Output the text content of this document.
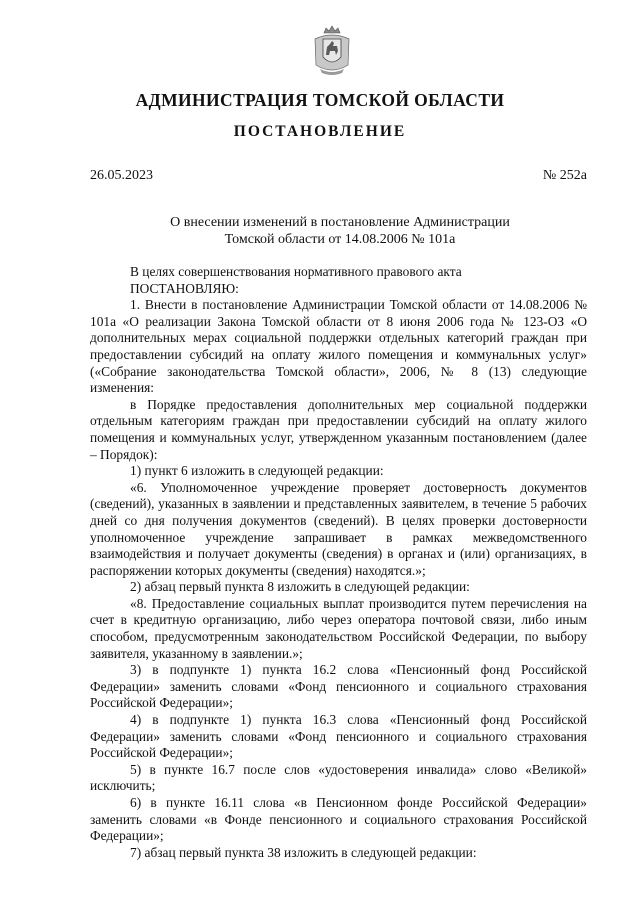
АДМИНИСТРАЦИЯ ТОМСКОЙ ОБЛАСТИ
ПОСТАНОВЛЕНИЕ
26.05.2023	№ 252а
О внесении изменений в постановление Администрации
Томской области от 14.08.2006 № 101а

В целях совершенствования нормативного правового акта

ПОСТАНОВЛЯЮ:

1. Внести в постановление Администрации Томской области от 14.08.2006 № 101а «О реализации Закона Томской области от 8 июня 2006 года № 123-ОЗ «О дополнительных мерах социальной поддержки отдельных категорий граждан при предоставлении субсидий на оплату жилого помещения и коммунальных услуг» («Собрание законодательства Томской области», 2006, № 8 (13) следующие изменения:

в Порядке предоставления дополнительных мер социальной поддержки отдельным категориям граждан при предоставлении субсидий на оплату жилого помещения и коммунальных услуг, утвержденном указанным постановлением (далее – Порядок):

1) пункт 6 изложить в следующей редакции:

«6. Уполномоченное учреждение проверяет достоверность документов (сведений), указанных в заявлении и представленных заявителем, в течение 5 рабочих дней со дня получения документов (сведений). В целях проверки достоверности уполномоченное учреждение запрашивает в рамках межведомственного взаимодействия и получает документы (сведения) в органах и (или) организациях, в распоряжении которых документы (сведения) находятся.»;

2) абзац первый пункта 8 изложить в следующей редакции:

«8. Предоставление социальных выплат производится путем перечисления на счет в кредитную организацию, либо через оператора почтовой связи, либо иным способом, предусмотренным законодательством Российской Федерации, по выбору заявителя, указанному в заявлении.»;

3) в подпункте 1) пункта 16.2 слова «Пенсионный фонд Российской Федерации» заменить словами «Фонд пенсионного и социального страхования Российской Федерации»;

4) в подпункте 1) пункта 16.3 слова «Пенсионный фонд Российской Федерации» заменить словами «Фонд пенсионного и социального страхования Российской Федерации»;

5) в пункте 16.7 после слов «удостоверения инвалида» слово «Великой» исключить;

6) в пункте 16.11 слова «в Пенсионном фонде Российской Федерации» заменить словами «в Фонде пенсионного и социального страхования Российской Федерации»;

7) абзац первый пункта 38 изложить в следующей редакции:
